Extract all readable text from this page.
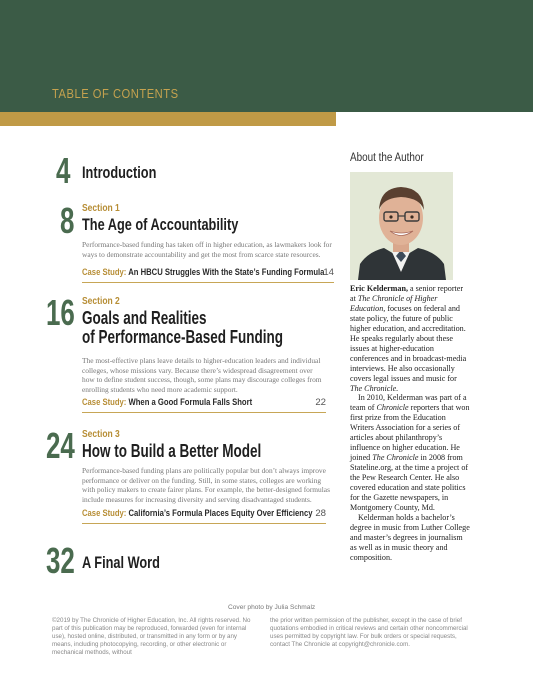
TABLE OF CONTENTS
4 Introduction
8 Section 1
The Age of Accountability
Performance-based funding has taken off in higher education, as lawmakers look for ways to demonstrate accountability and get the most from scarce state resources.
Case Study: An HBCU Struggles With the State’s Funding Formula
14
16 Section 2
Goals and Realities
of Performance-Based Funding
The most-effective plans leave details to higher-education leaders and individual colleges, whose missions vary. Because there’s widespread disagreement over how to define student success, though, some plans may discourage colleges from enrolling students who need more academic support.
Case Study: When a Good Formula Falls Short	22
24 Section 3
How to Build a Better Model
Performance-based funding plans are politically popular but don’t always improve performance or deliver on the funding. Still, in some states, colleges are working with policy makers to create fairer plans. For example, the better-designed formulas include measures for increasing diversity and serving disadvantaged students.
Case Study: California’s Formula Places Equity Over Efficiency 28
32 A Final Word
About the Author

Eric Kelderman, a senior reporter at The Chronicle of Higher Education, focuses on federal and state policy, the future of public higher education, and accreditation. He speaks regularly about these issues at higher-education conferences and in broadcast-media interviews. He also occasionally covers legal issues and music for The Chronicle.

In 2010, Kelderman was part of a team of Chronicle reporters that won first prize from the Education Writers Association for a series of articles about philanthropy’s influence on higher education. He joined The Chronicle in 2008 from Stateline.org, at the time a project of the Pew Research Center. He also covered education and state politics for the Gazette newspapers, in Montgomery County, Md.

Kelderman holds a bachelor’s degree in music from Luther College and master’s degrees in journalism as well as in music theory and composition.

Cover photo by Julia Schmalz
©2019 by The Chronicle of Higher Education, Inc. All rights reserved. No part of this publication may be reproduced, forwarded (even for internal use), hosted online, distributed, or transmitted in any form or by any means, including photocopying, recording, or other electronic or mechanical methods, without
the prior written permission of the publisher, except in the case of brief quotations embodied in critical reviews and certain other noncommercial uses permitted by copyright law. For bulk orders or special requests, contact The Chronicle at copyright@chronicle.com.
